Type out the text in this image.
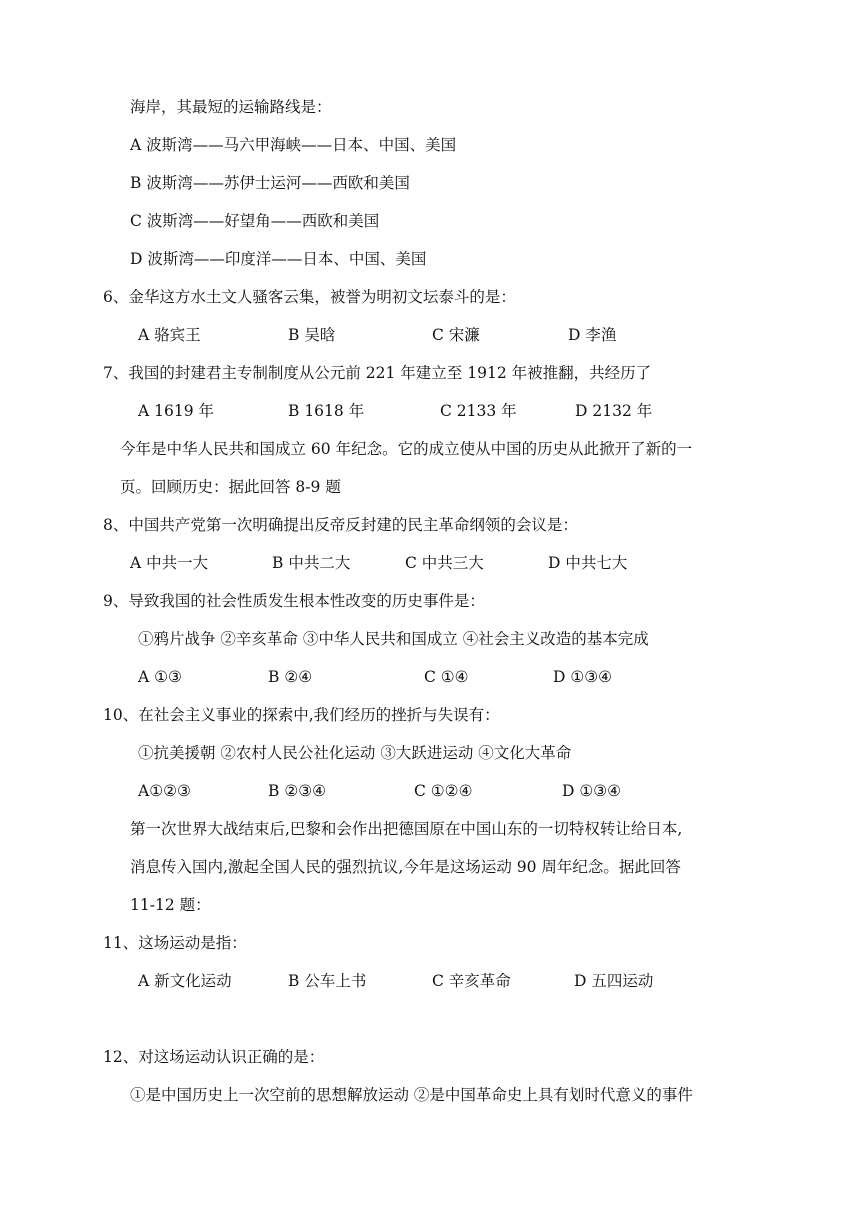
海岸，其最短的运输路线是：
A 波斯湾——马六甲海峡——日本、中国、美国
B 波斯湾——苏伊士运河——西欧和美国
C 波斯湾——好望角——西欧和美国
D 波斯湾——印度洋——日本、中国、美国
6、金华这方水土文人骚客云集，被誉为明初文坛泰斗的是：
A 骆宾王	B 吴晗	C 宋濂	D 李渔
7、我国的封建君主专制制度从公元前 221 年建立至 1912 年被推翻，共经历了
A 1619 年	B 1618 年	C 2133 年	D 2132 年
今年是中华人民共和国成立 60 年纪念。它的成立使从中国的历史从此掀开了新的一
页。回顾历史：据此回答 8-9 题
8、中国共产党第一次明确提出反帝反封建的民主革命纲领的会议是：
A 中共一大	B 中共二大	C 中共三大	D 中共七大
9、导致我国的社会性质发生根本性改变的历史事件是：
①鸦片战争 ②辛亥革命 ③中华人民共和国成立 ④社会主义改造的基本完成
A ①③	B ②④	C ①④	D ①③④
10、在社会主义事业的探索中,我们经历的挫折与失误有：
①抗美援朝 ②农村人民公社化运动 ③大跃进运动 ④文化大革命
A①②③	B ②③④	C ①②④	D ①③④
第一次世界大战结束后,巴黎和会作出把德国原在中国山东的一切特权转让给日本,
消息传入国内,激起全国人民的强烈抗议,今年是这场运动 90 周年纪念。据此回答
11-12 题：
11、这场运动是指：
A 新文化运动	B 公车上书	C 辛亥革命	D 五四运动
12、对这场运动认识正确的是：
①是中国历史上一次空前的思想解放运动 ②是中国革命史上具有划时代意义的事件
